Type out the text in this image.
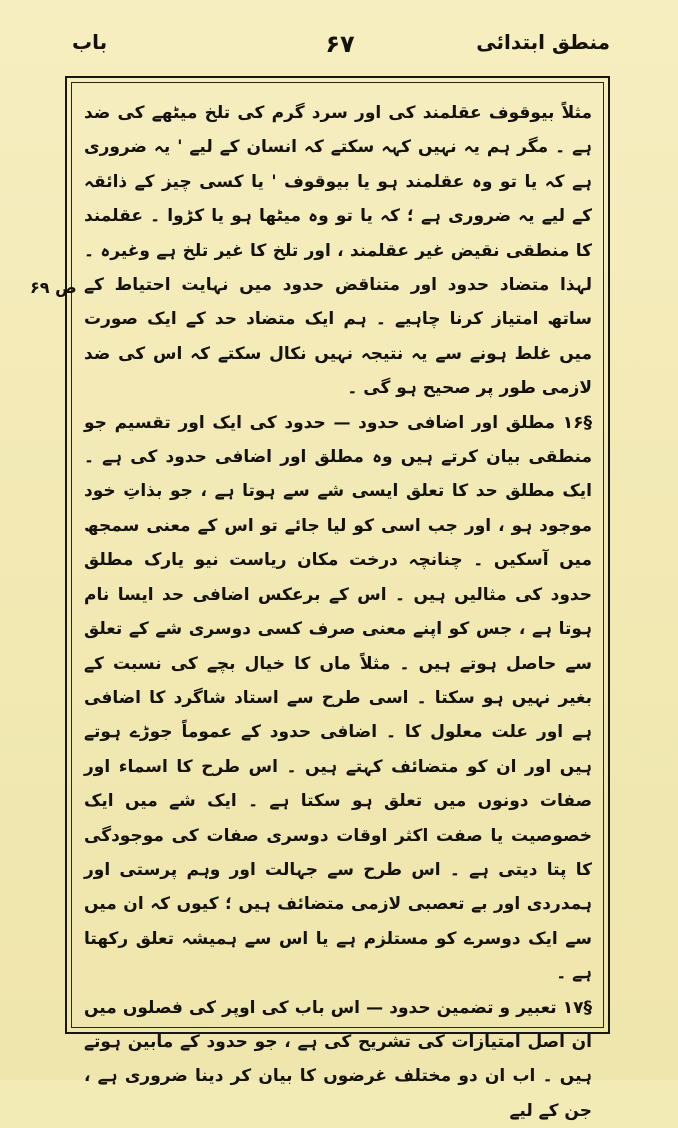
باب	۶۷	منطق ابتدائی
ص ۶۹

مثلاً بیوقوف عقلمند کی اور سرد گرم کی تلخ میٹھے کی ضد ہے ۔ مگر ہم یہ نہیں کہہ سکتے کہ انسان کے لیے ' یہ ضروری ہے کہ یا تو وہ عقلمند ہو یا بیوقوف ' یا کسی چیز کے ذائقہ کے لیے یہ ضروری ہے ؛ کہ یا تو وہ میٹھا ہو یا کڑوا ۔ عقلمند کا منطقی نقیض غیر عقلمند ، اور تلخ کا غیر تلخ ہے وغیرہ ۔ لہذا متضاد حدود اور متناقض حدود میں نہایت احتیاط کے ساتھ امتیاز کرنا چاہیے ۔ ہم ایک متضاد حد کے ایک صورت میں غلط ہونے سے یہ نتیجہ نہیں نکال سکتے کہ اس کی ضد لازمی طور پر صحیح ہو گی ۔

§۱۶ مطلق اور اضافی حدود — حدود کی ایک اور تقسیم جو منطقی بیان کرتے ہیں وہ مطلق اور اضافی حدود کی ہے ۔ ایک مطلق حد کا تعلق ایسی شے سے ہوتا ہے ، جو بذاتِ خود موجود ہو ، اور جب اسی کو لیا جائے تو اس کے معنی سمجھ میں آسکیں ۔ چنانچہ درخت مکان ریاست نیو یارک مطلق حدود کی مثالیں ہیں ۔ اس کے برعکس اضافی حد ایسا نام ہوتا ہے ، جس کو اپنے معنی صرف کسی دوسری شے کے تعلق سے حاصل ہوتے ہیں ۔ مثلاً ماں کا خیال بچے کی نسبت کے بغیر نہیں ہو سکتا ۔ اسی طرح سے استاد شاگرد کا اضافی ہے اور علت معلول کا ۔ اضافی حدود کے عموماً جوڑے ہوتے ہیں اور ان کو متضائف کہتے ہیں ۔ اس طرح کا اسماء اور صفات دونوں میں تعلق ہو سکتا ہے ۔ ایک شے میں ایک خصوصیت یا صفت اکثر اوقات دوسری صفات کی موجودگی کا پتا دیتی ہے ۔ اس طرح سے جہالت اور وہم پرستی اور ہمدردی اور بے تعصبی لازمی متضائف ہیں ؛ کیوں کہ ان میں سے ایک دوسرے کو مستلزم ہے یا اس سے ہمیشہ تعلق رکھتا ہے ۔

§۱۷ تعبیر و تضمین حدود — اس باب کی اوپر کی فصلوں میں ان اصل امتیازات کی تشریح کی ہے ، جو حدود کے مابین ہوتے ہیں ۔ اب ان دو مختلف غرضوں کا بیان کر دینا ضروری ہے ، جن کے لیے
